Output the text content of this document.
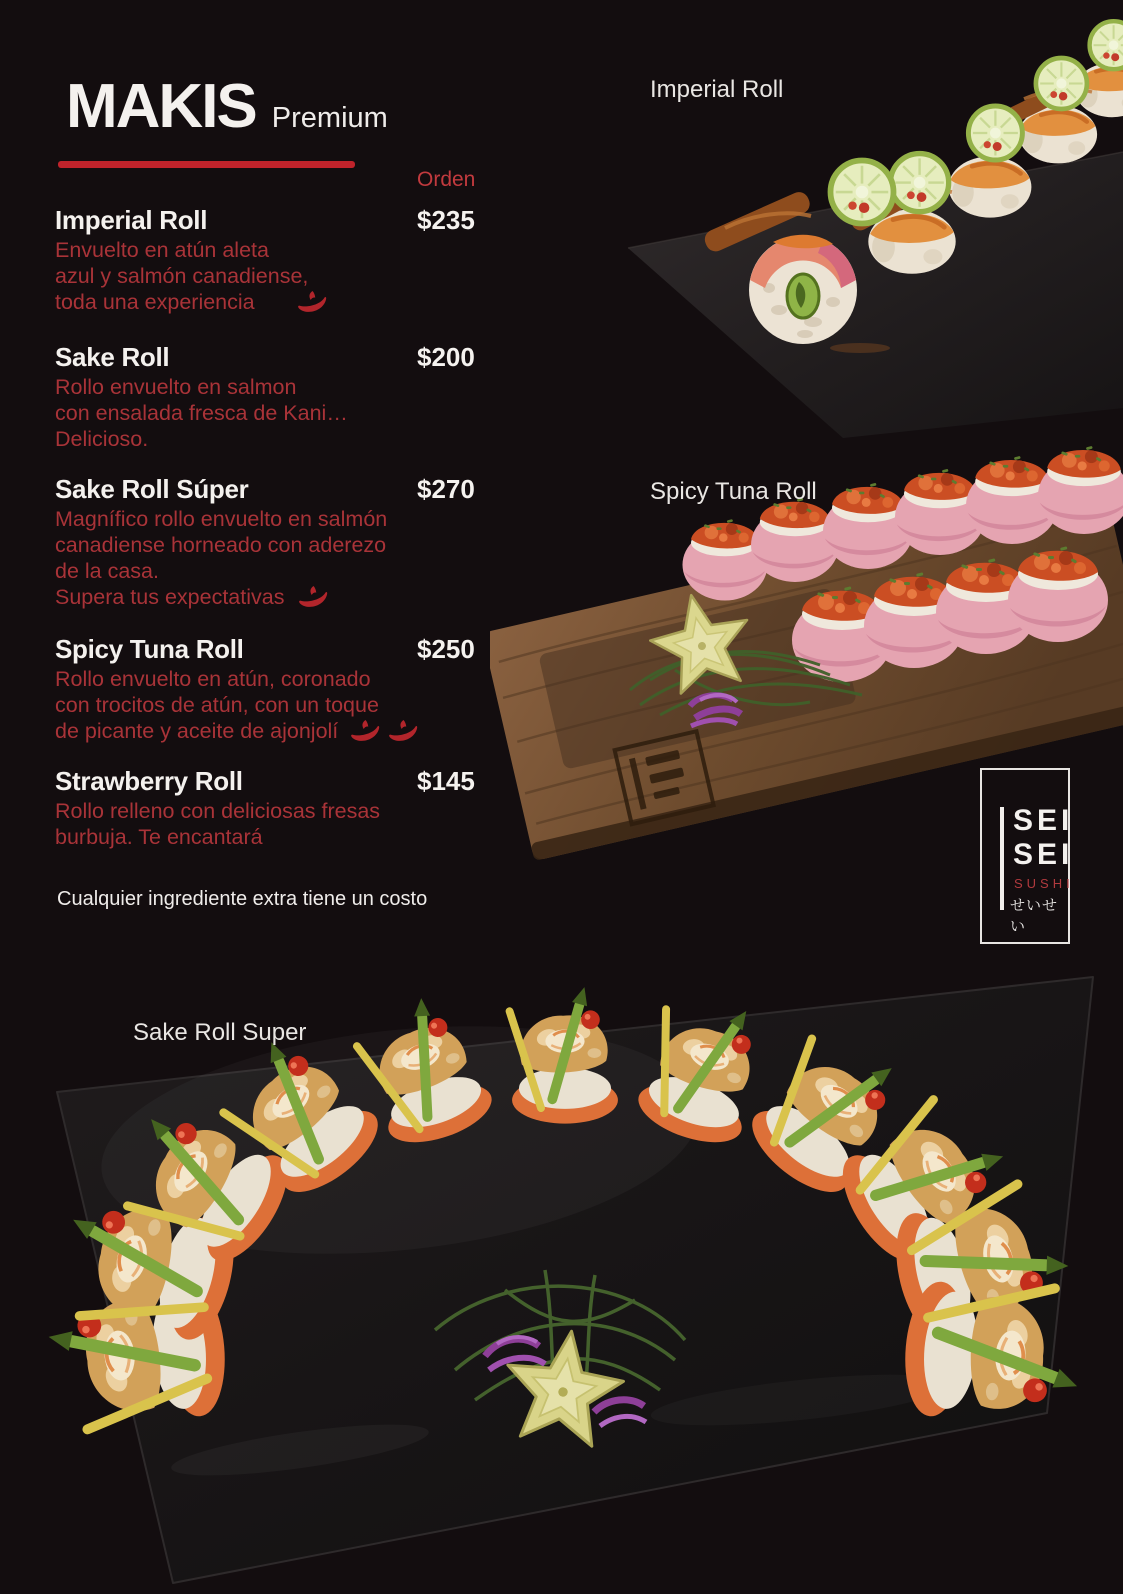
MAKIS Premium
Orden
Imperial Roll	$235
Envuelto en atún aleta
azul y salmón canadiense,
toda una experiencia
Sake Roll	$200
Rollo envuelto en salmon
con ensalada fresca de Kani…
Delicioso.
Sake Roll Súper	$270
Magnífico rollo envuelto en salmón
canadiense horneado con aderezo
de la casa.
Supera tus expectativas
Spicy Tuna Roll	$250
Rollo envuelto en atún, coronado
con trocitos de atún, con un toque
de picante y aceite de ajonjolí
Strawberry Roll	$145
Rollo relleno con deliciosas fresas
burbuja. Te encantará
Cualquier ingrediente extra tiene un costo
Imperial Roll
Spicy Tuna Roll
Sake Roll Super
SEI
SEI
SUSHI
せいせい
